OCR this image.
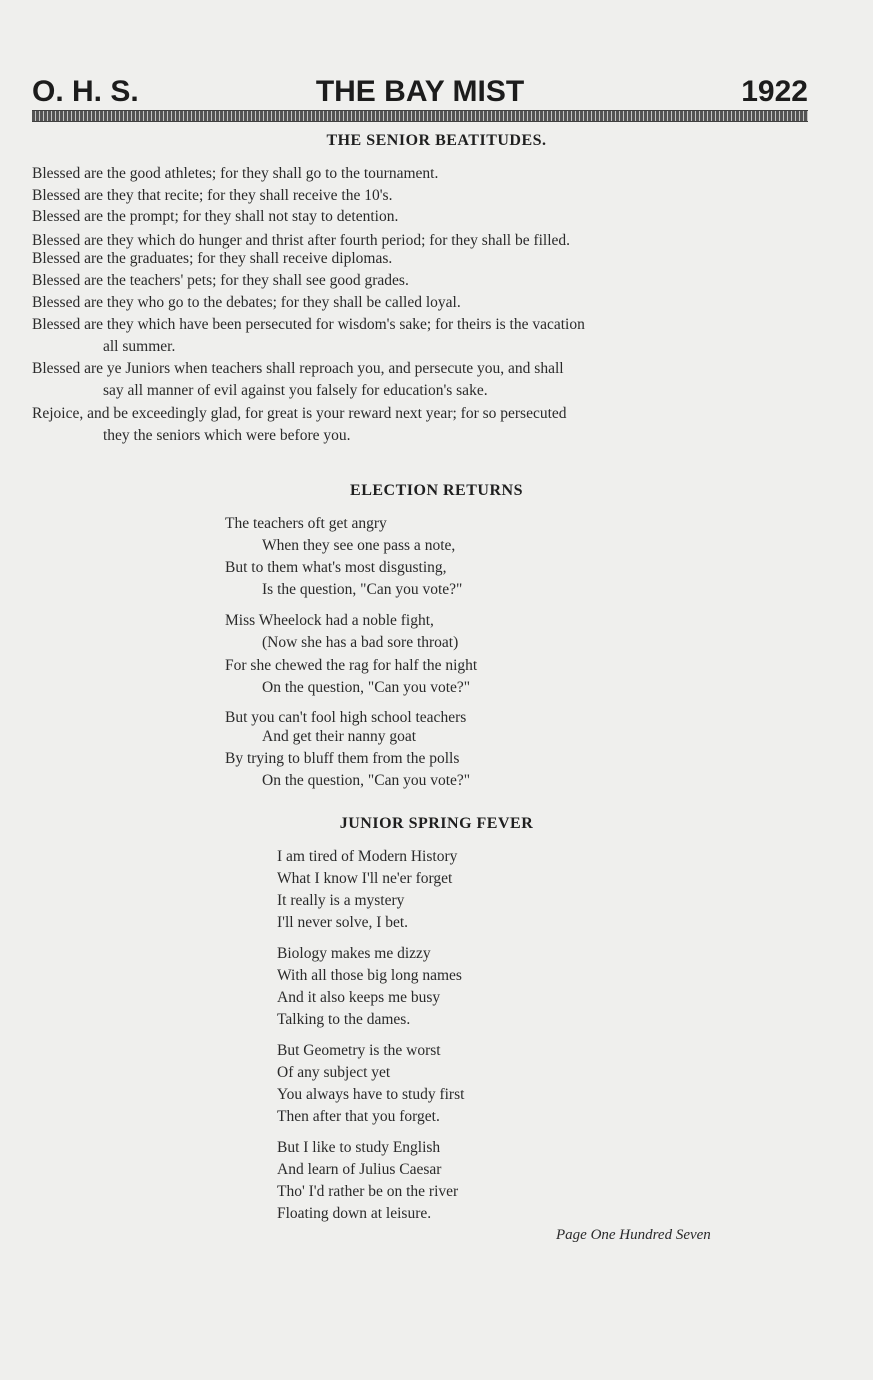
O. H. S.	THE BAY MIST	1922
THE SENIOR BEATITUDES.
Blessed are the good athletes; for they shall go to the tournament.
Blessed are they that recite; for they shall receive the 10's.
Blessed are the prompt; for they shall not stay to detention.
Blessed are they which do hunger and thrist after fourth period; for they shall be filled.
Blessed are the graduates; for they shall receive diplomas.
Blessed are the teachers' pets; for they shall see good grades.
Blessed are they who go to the debates; for they shall be called loyal.
Blessed are they which have been persecuted for wisdom's sake; for theirs is the vacation
all summer.
Blessed are ye Juniors when teachers shall reproach you, and persecute you, and shall
say all manner of evil against you falsely for education's sake.
Rejoice, and be exceedingly glad, for great is your reward next year; for so persecuted
they the seniors which were before you.
ELECTION RETURNS
The teachers oft get angry
When they see one pass a note,
But to them what's most disgusting,
Is the question, "Can you vote?"
Miss Wheelock had a noble fight,
(Now she has a bad sore throat)
For she chewed the rag for half the night
On the question, "Can you vote?"
But you can't fool high school teachers
And get their nanny goat
By trying to bluff them from the polls
On the question, "Can you vote?"
JUNIOR SPRING FEVER
I am tired of Modern History
What I know I'll ne'er forget
It really is a mystery
I'll never solve, I bet.
Biology makes me dizzy
With all those big long names
And it also keeps me busy
Talking to the dames.
But Geometry is the worst
Of any subject yet
You always have to study first
Then after that you forget.
But I like to study English
And learn of Julius Caesar
Tho' I'd rather be on the river
Floating down at leisure.
Page One Hundred Seven
